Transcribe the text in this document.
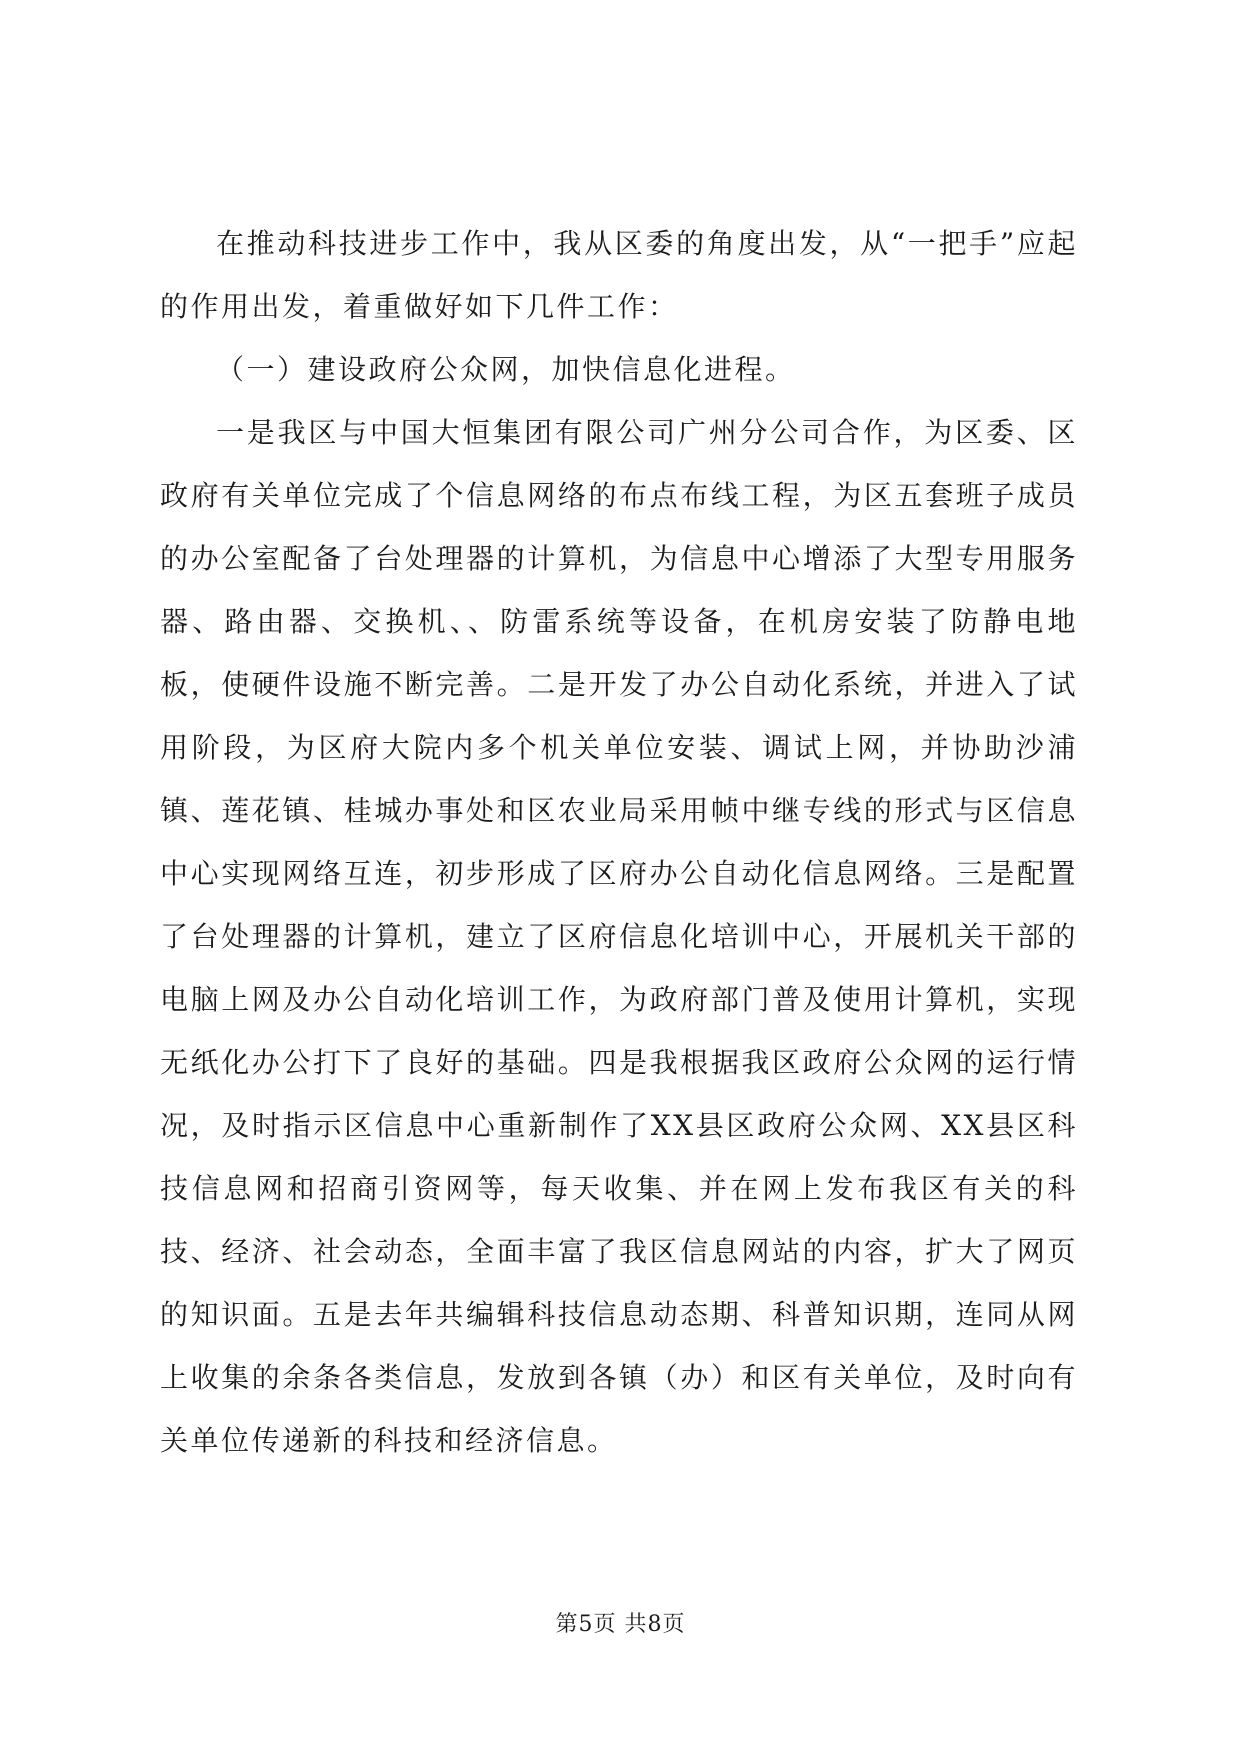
在推动科技进步工作中，我从区委的角度出发，从“一把手”应起的作用出发，着重做好如下几件工作：

（一）建设政府公众网，加快信息化进程。

一是我区与中国大恒集团有限公司广州分公司合作，为区委、区政府有关单位完成了个信息网络的布点布线工程，为区五套班子成员的办公室配备了台处理器的计算机，为信息中心增添了大型专用服务器、路由器、交换机、、防雷系统等设备，在机房安装了防静电地板，使硬件设施不断完善。二是开发了办公自动化系统，并进入了试用阶段，为区府大院内多个机关单位安装、调试上网，并协助沙浦镇、莲花镇、桂城办事处和区农业局采用帧中继专线的形式与区信息中心实现网络互连，初步形成了区府办公自动化信息网络。三是配置了台处理器的计算机，建立了区府信息化培训中心，开展机关干部的电脑上网及办公自动化培训工作，为政府部门普及使用计算机，实现无纸化办公打下了良好的基础。四是我根据我区政府公众网的运行情况，及时指示区信息中心重新制作了XX县区政府公众网、XX县区科技信息网和招商引资网等，每天收集、并在网上发布我区有关的科技、经济、社会动态，全面丰富了我区信息网站的内容，扩大了网页的知识面。五是去年共编辑科技信息动态期、科普知识期，连同从网上收集的余条各类信息，发放到各镇（办）和区有关单位，及时向有关单位传递新的科技和经济信息。

第5页 共8页
